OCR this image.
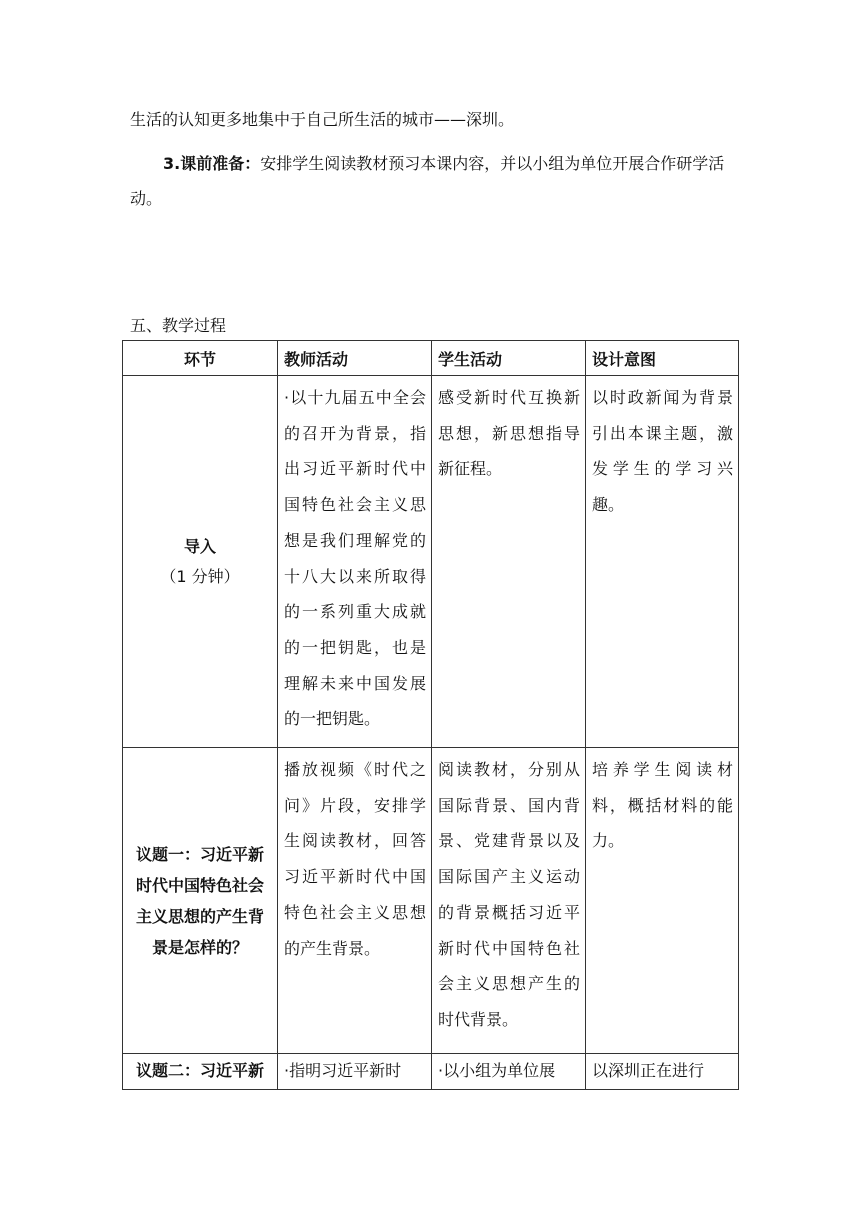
生活的认知更多地集中于自己所生活的城市——深圳。
3.课前准备：安排学生阅读教材预习本课内容，并以小组为单位开展合作研学活动。
五、教学过程
环节	教师活动	学生活动	设计意图

导入
（1 分钟）	·以十九届五中全会的召开为背景，指出习近平新时代中国特色社会主义思想是我们理解党的十八大以来所取得的一系列重大成就的一把钥匙，也是理解未来中国发展的一把钥匙。	感受新时代互换新思想，新思想指导新征程。	以时政新闻为背景引出本课主题，激发学生的学习兴趣。

议题一：习近平新时代中国特色社会主义思想的产生背景是怎样的？	播放视频《时代之问》片段，安排学生阅读教材，回答习近平新时代中国特色社会主义思想的产生背景。	阅读教材，分别从国际背景、国内背景、党建背景以及国际国产主义运动的背景概括习近平新时代中国特色社会主义思想产生的时代背景。	培养学生阅读材料，概括材料的能力。

议题二：习近平新	·指明习近平新时	·以小组为单位展	以深圳正在进行
